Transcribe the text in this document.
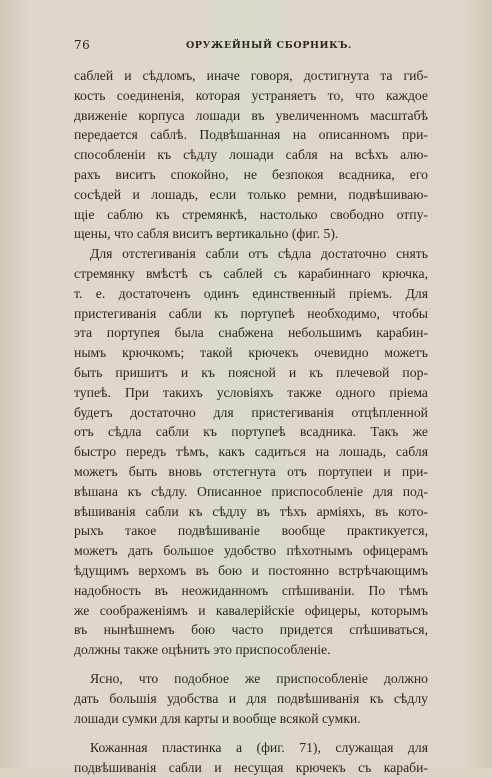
76	ОРУЖЕЙНЫЙ СБОРНИКЪ.
саблей и сѣдломъ, иначе говоря, достигнута та гиб-
кость соединенія, которая устраняетъ то, что каждое
движеніе корпуса лошади въ увеличенномъ масштабѣ
передается саблѣ. Подвѣшанная на описанномъ при-
способленіи къ сѣдлу лошади сабля на всѣхъ алю-
рахъ виситъ спокойно, не безпокоя всадника, его
сосѣдей и лошадь, если только ремни, подвѣшиваю-
щіе саблю къ стремянкѣ, настолько свободно отпу-
щены, что сабля виситъ вертикально (фиг. 5).
Для отстегиванія сабли отъ сѣдла достаточно снять
стремянку вмѣстѣ съ саблей съ карабиннаго крючка,
т. е. достаточенъ одинъ единственный пріемъ. Для
пристегиванія сабли къ портупеѣ необходимо, чтобы
эта портупея была снабжена небольшимъ карабин-
нымъ крючкомъ; такой крючекъ очевидно можетъ
быть пришитъ и къ поясной и къ плечевой пор-
тупеѣ. При такихъ условіяхъ также одного пріема
будетъ достаточно для пристегиванія отцѣпленной
отъ сѣдла сабли къ портупеѣ всадника. Такъ же
быстро передъ тѣмъ, какъ садиться на лошадь, сабля
можетъ быть вновь отстегнута отъ портупеи и при-
вѣшана къ сѣдлу. Описанное приспособленіе для под-
вѣшиванія сабли къ сѣдлу въ тѣхъ арміяхъ, въ кото-
рыхъ такое подвѣшиваніе вообще практикуется,
можетъ дать большое удобство пѣхотнымъ офицерамъ
ѣдущимъ верхомъ въ бою и постоянно встрѣчающимъ
надобность въ неожиданномъ спѣшиваніи. По тѣмъ
же соображеніямъ и кавалерійскіе офицеры, которымъ
въ нынѣшнемъ бою часто придется спѣшиваться,
должны также оцѣнить это приспособленіе.
Ясно, что подобное же приспособленіе должно
дать большія удобства и для подвѣшиванія къ сѣдлу
лошади сумки для карты и вообще всякой сумки.
Кожанная пластинка а (фиг. 71), служащая для
подвѣшиванія сабли и несущая крючекъ съ караби-
